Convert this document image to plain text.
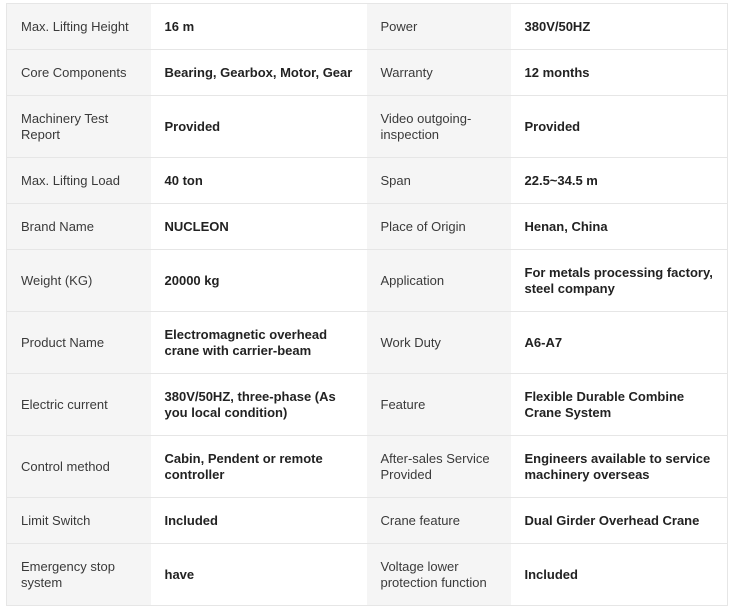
Max. Lifting Height	16 m	Power	380V/50HZ
Core Components	Bearing, Gearbox, Motor, Gear	Warranty	12 months
Machinery Test Report	Provided	Video outgoing-inspection	Provided
Max. Lifting Load	40 ton	Span	22.5~34.5 m
Brand Name	NUCLEON	Place of Origin	Henan, China
Weight (KG)	20000 kg	Application	For metals processing factory, steel company
Product Name	Electromagnetic overhead crane with carrier-beam	Work Duty	A6-A7
Electric current	380V/50HZ, three-phase (As you local condition)	Feature	Flexible Durable Combine Crane System
Control method	Cabin, Pendent or remote controller	After-sales Service Provided	Engineers available to service machinery overseas
Limit Switch	Included	Crane feature	Dual Girder Overhead Crane
Emergency stop system	have	Voltage lower protection function	Included
